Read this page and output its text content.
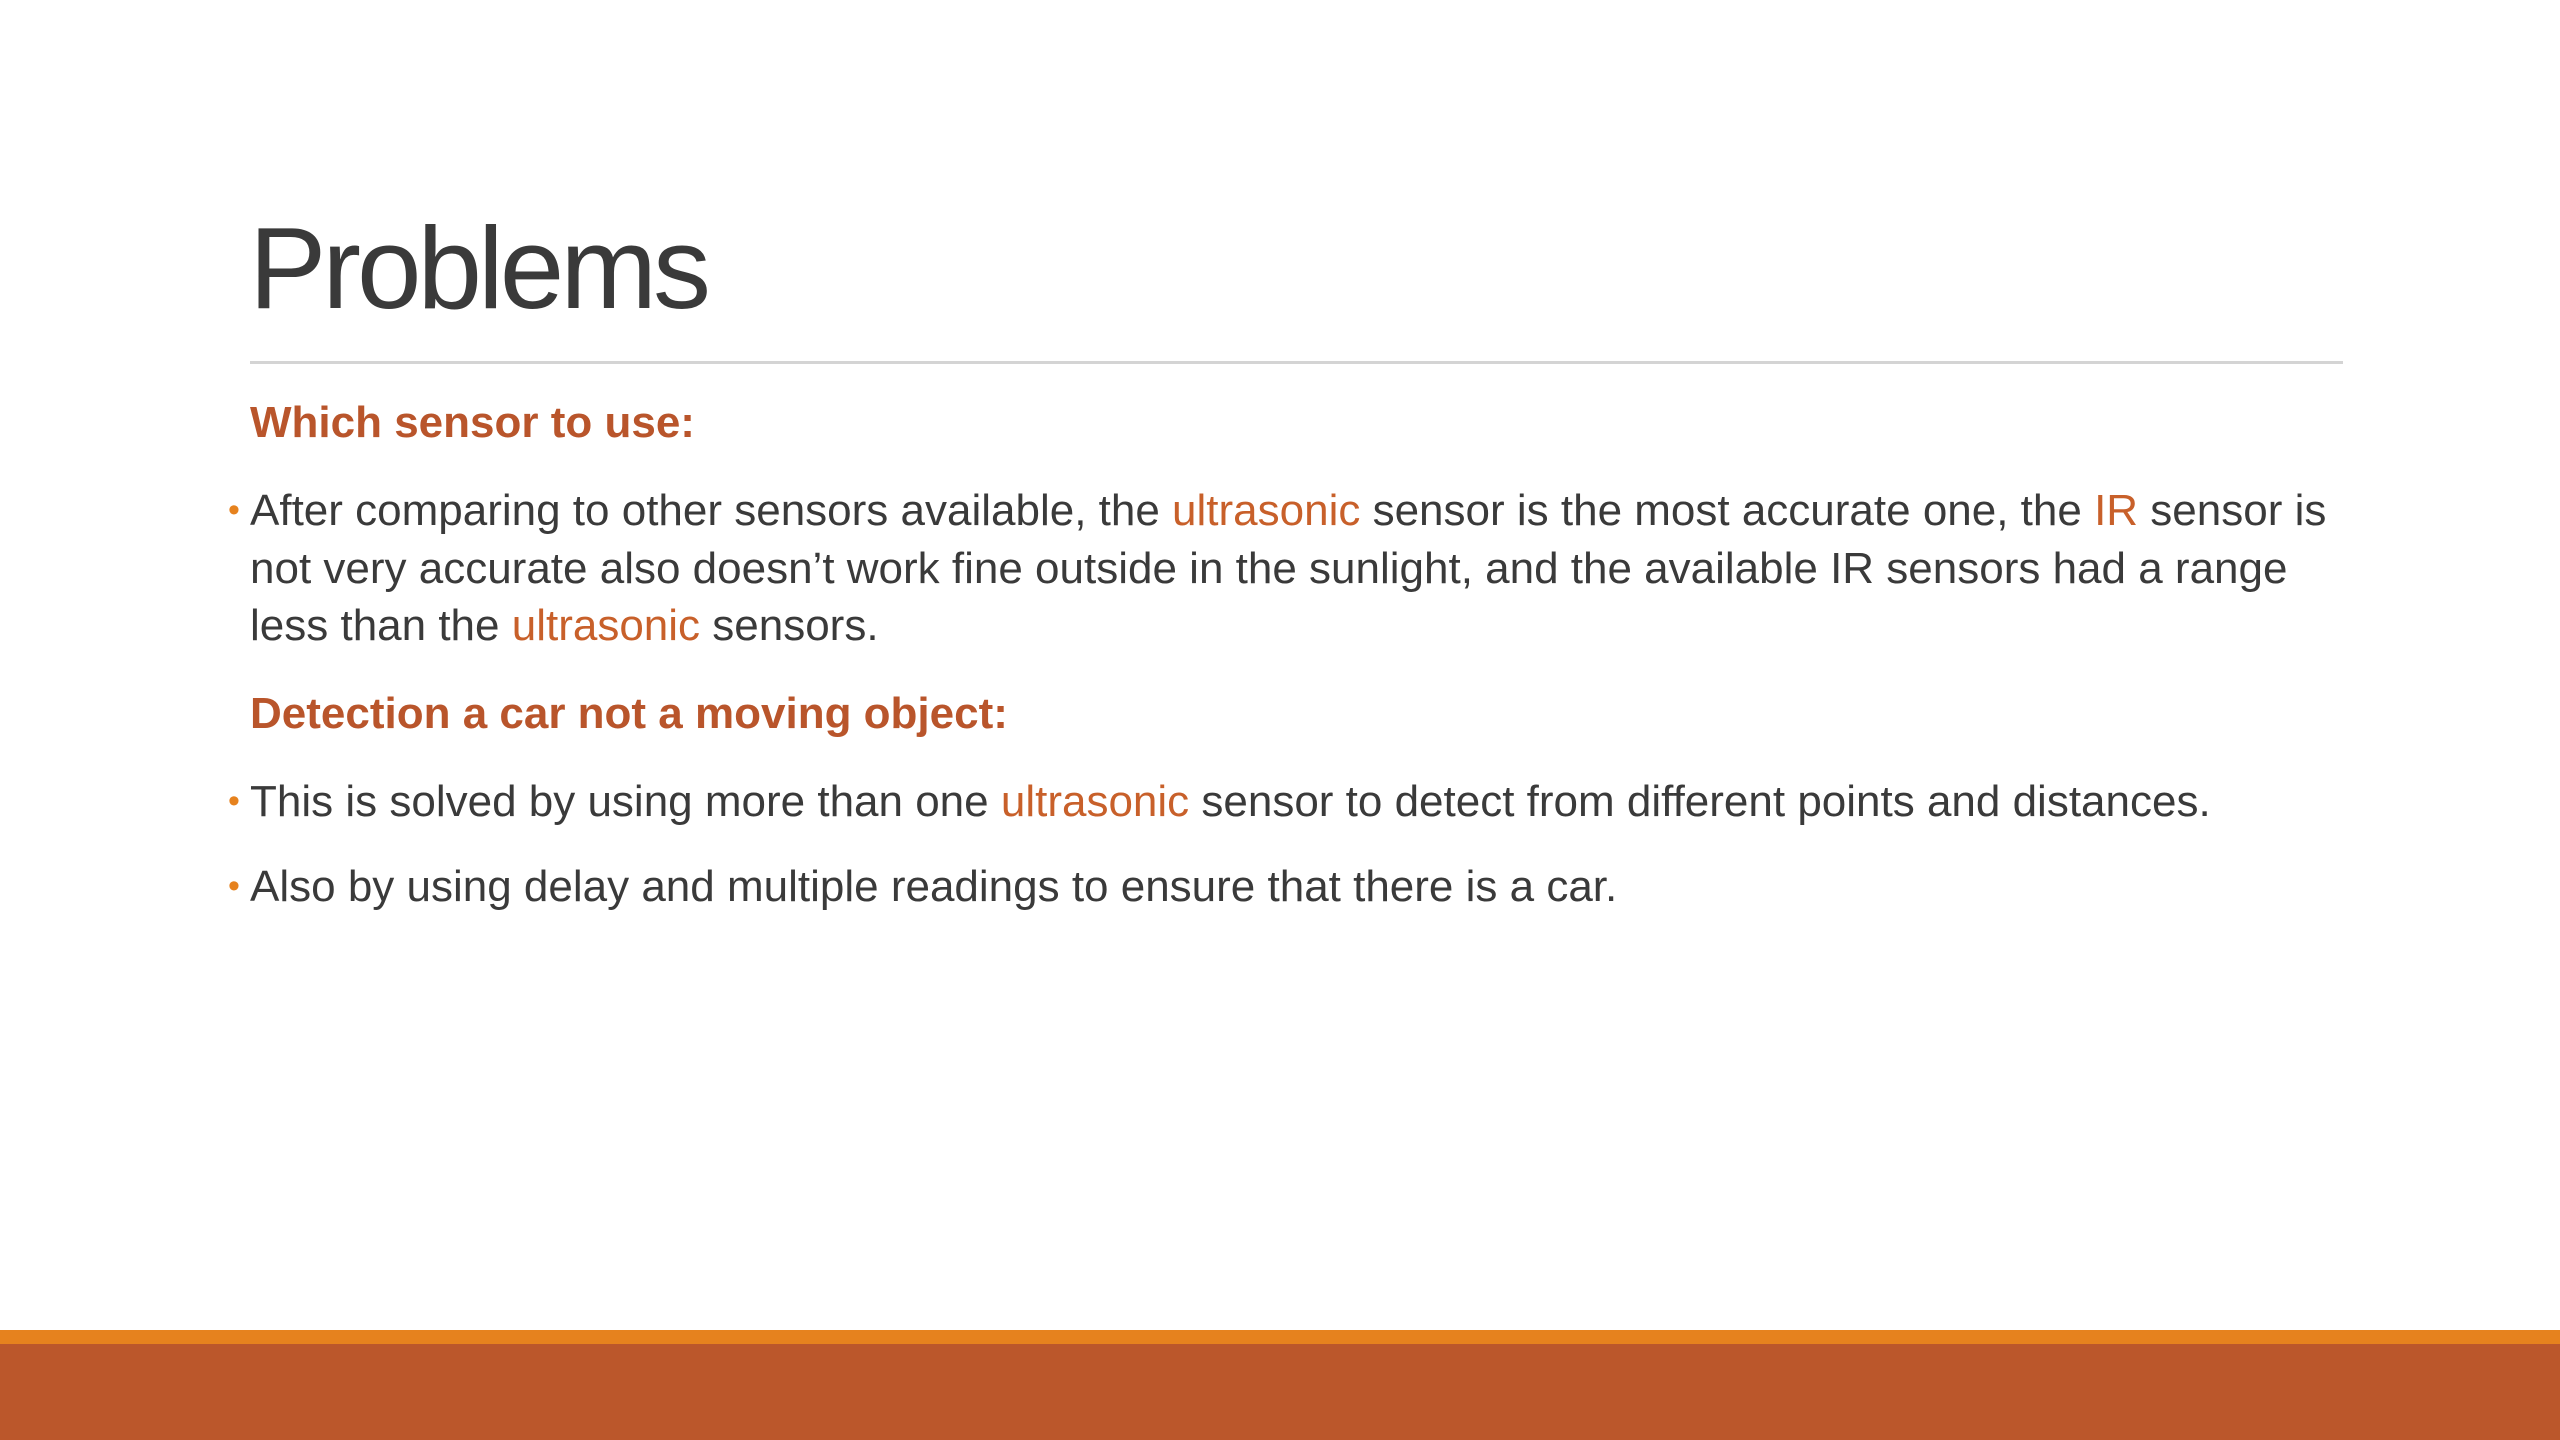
Problems
Which sensor to use:

• After comparing to other sensors available, the ultrasonic sensor is the most accurate one, the IR sensor is not very accurate also doesn’t work fine outside in the sunlight, and the available IR sensors had a range less than the ultrasonic sensors.

Detection a car not a moving object:

• This is solved by using more than one ultrasonic sensor to detect from different points and distances.

• Also by using delay and multiple readings to ensure that there is a car.
